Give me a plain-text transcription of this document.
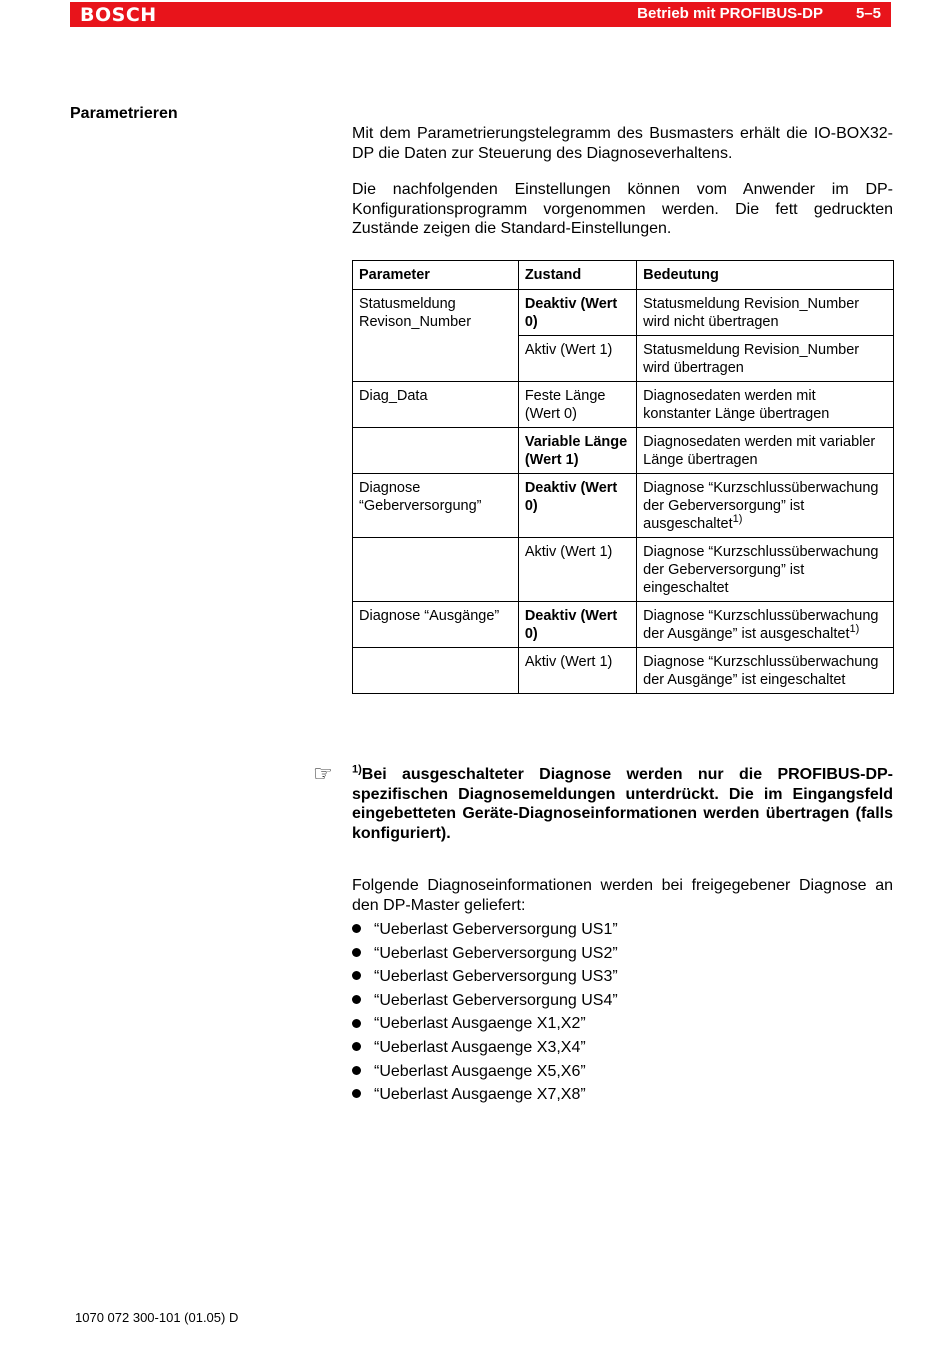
BOSCH	Betrieb mit PROFIBUS-DP 5–5
Parametrieren
Mit dem Parametrierungstelegramm des Busmasters erhält die IO-BOX32-DP die Daten zur Steuerung des Diagnoseverhaltens.
Die nachfolgenden Einstellungen können vom Anwender im DP-Konfigurationsprogramm vorgenommen werden. Die fett gedruckten Zustände zeigen die Standard-Einstellungen.
Parameter	Zustand	Bedeutung
Statusmeldung Revison_Number	Deaktiv (Wert 0)	Statusmeldung Revision_Number wird nicht übertragen
	Aktiv (Wert 1)	Statusmeldung Revision_Number wird übertragen
Diag_Data	Feste Länge (Wert 0)	Diagnosedaten werden mit konstanter Länge übertragen
	Variable Länge (Wert 1)	Diagnosedaten werden mit variabler Länge übertragen
Diagnose “Geberversorgung”	Deaktiv (Wert 0)	Diagnose “Kurzschlussüberwachung der Geberversorgung” ist ausgeschaltet$^{1)}$
	Aktiv (Wert 1)	Diagnose “Kurzschlussüberwachung der Geberversorgung” ist eingeschaltet
Diagnose “Ausgänge”	Deaktiv (Wert 0)	Diagnose “Kurzschlussüberwachung der Ausgänge” ist ausgeschaltet$^{1)}$
	Aktiv (Wert 1)	Diagnose “Kurzschlussüberwachung der Ausgänge” ist eingeschaltet
☞ $^{1)}$Bei ausgeschalteter Diagnose werden nur die PROFIBUS-DP-spezifischen Diagnosemeldungen unterdrückt. Die im Eingangsfeld eingebetteten Geräte-Diagnoseinformationen werden übertragen (falls konfiguriert).
Folgende Diagnoseinformationen werden bei freigegebener Diagnose an den DP-Master geliefert:
“Ueberlast Geberversorgung US1”
“Ueberlast Geberversorgung US2”
“Ueberlast Geberversorgung US3”
“Ueberlast Geberversorgung US4”
“Ueberlast Ausgaenge X1,X2”
“Ueberlast Ausgaenge X3,X4”
“Ueberlast Ausgaenge X5,X6”
“Ueberlast Ausgaenge X7,X8”
1070 072 300-101 (01.05) D
